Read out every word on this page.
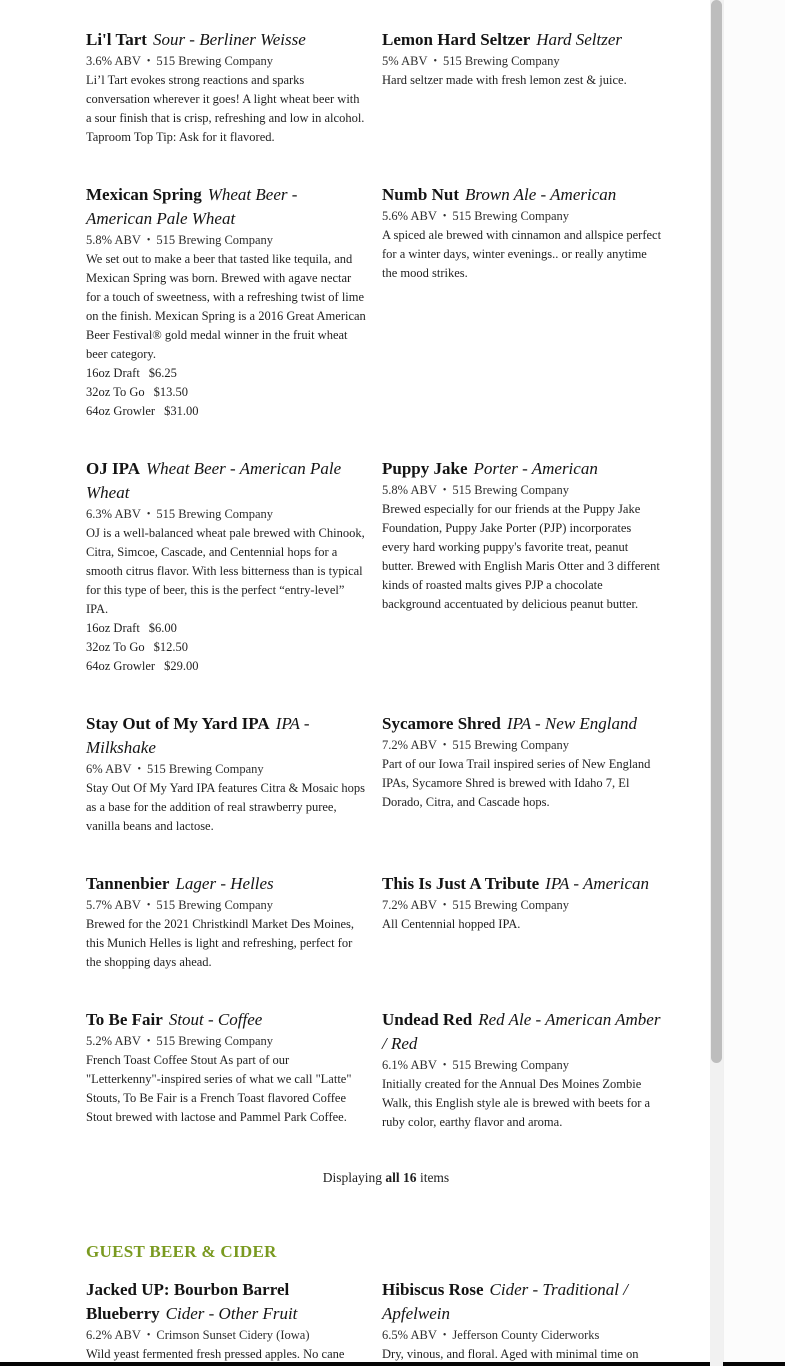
Li'l Tart Sour - Berliner Weisse

3.6% ABV • 515 Brewing Company

Li’l Tart evokes strong reactions and sparks conversation wherever it goes! A light wheat beer with a sour finish that is crisp, refreshing and low in alcohol. Taproom Top Tip: Ask for it flavored.

Lemon Hard Seltzer Hard Seltzer

5% ABV • 515 Brewing Company

Hard seltzer made with fresh lemon zest & juice.

Mexican Spring Wheat Beer - American Pale Wheat

5.8% ABV • 515 Brewing Company

We set out to make a beer that tasted like tequila, and Mexican Spring was born. Brewed with agave nectar for a touch of sweetness, with a refreshing twist of lime on the finish. Mexican Spring is a 2016 Great American Beer Festival® gold medal winner in the fruit wheat beer category.

16oz Draft $6.25
32oz To Go $13.50
64oz Growler $31.00
Numb Nut Brown Ale - American

5.6% ABV • 515 Brewing Company

A spiced ale brewed with cinnamon and allspice perfect for a winter days, winter evenings.. or really anytime the mood strikes.

OJ IPA Wheat Beer - American Pale Wheat

6.3% ABV • 515 Brewing Company

OJ is a well-balanced wheat pale brewed with Chinook, Citra, Simcoe, Cascade, and Centennial hops for a smooth citrus flavor. With less bitterness than is typical for this type of beer, this is the perfect “entry-level” IPA.

16oz Draft $6.00
32oz To Go $12.50
64oz Growler $29.00
Puppy Jake Porter - American

5.8% ABV • 515 Brewing Company

Brewed especially for our friends at the Puppy Jake Foundation, Puppy Jake Porter (PJP) incorporates every hard working puppy's favorite treat, peanut butter. Brewed with English Maris Otter and 3 different kinds of roasted malts gives PJP a chocolate background accentuated by delicious peanut butter.

Stay Out of My Yard IPA IPA - Milkshake

6% ABV • 515 Brewing Company

Stay Out Of My Yard IPA features Citra & Mosaic hops as a base for the addition of real strawberry puree, vanilla beans and lactose.

Sycamore Shred IPA - New England

7.2% ABV • 515 Brewing Company

Part of our Iowa Trail inspired series of New England IPAs, Sycamore Shred is brewed with Idaho 7, El Dorado, Citra, and Cascade hops.

Tannenbier Lager - Helles

5.7% ABV • 515 Brewing Company

Brewed for the 2021 Christkindl Market Des Moines, this Munich Helles is light and refreshing, perfect for the shopping days ahead.

This Is Just A Tribute IPA - American

7.2% ABV • 515 Brewing Company

All Centennial hopped IPA.

To Be Fair Stout - Coffee

5.2% ABV • 515 Brewing Company

French Toast Coffee Stout As part of our "Letterkenny"-inspired series of what we call "Latte" Stouts, To Be Fair is a French Toast flavored Coffee Stout brewed with lactose and Pammel Park Coffee.

Undead Red Red Ale - American Amber / Red

6.1% ABV • 515 Brewing Company

Initially created for the Annual Des Moines Zombie Walk, this English style ale is brewed with beets for a ruby color, earthy flavor and aroma.

Displaying all 16 items
GUEST BEER & CIDER
Jacked UP: Bourbon Barrel Blueberry Cider - Other Fruit

6.2% ABV • Crimson Sunset Cidery (Iowa)

Wild yeast fermented fresh pressed apples. No cane

Hibiscus Rose Cider - Traditional / Apfelwein

6.5% ABV • Jefferson County Ciderworks

Dry, vinous, and floral. Aged with minimal time on
